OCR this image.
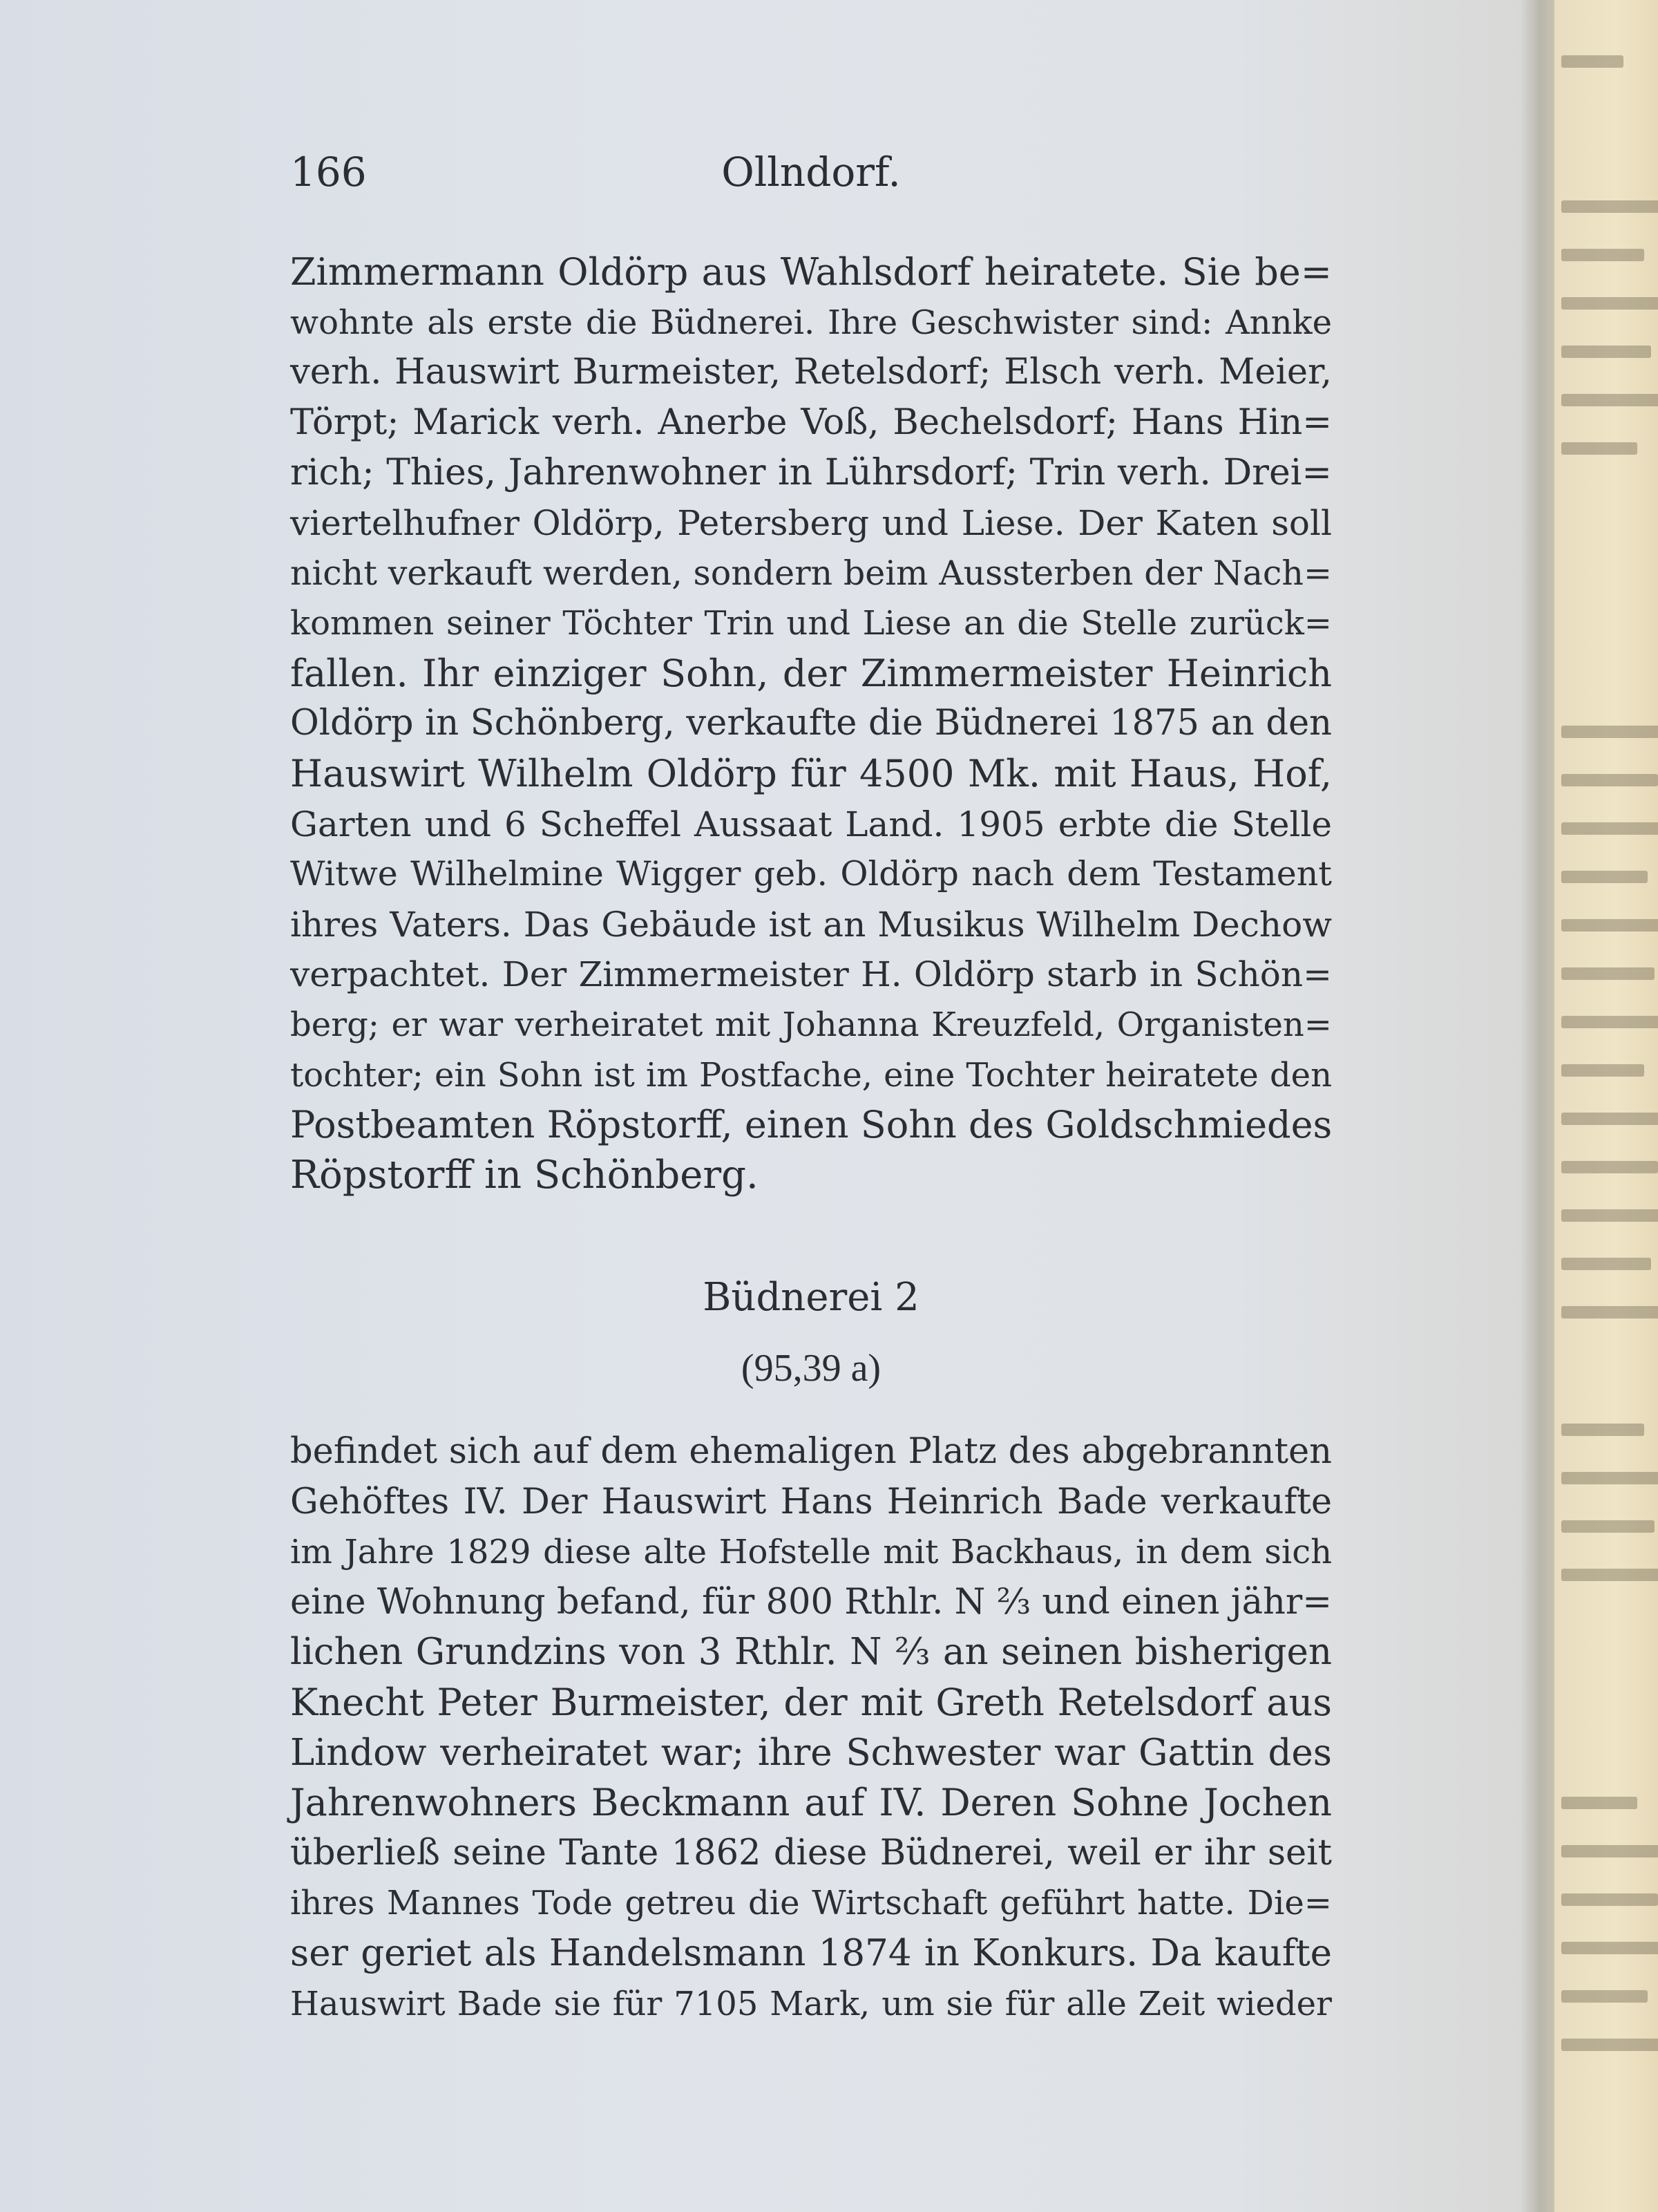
166	Ollndorf.
Zimmermann Oldörp aus Wahlsdorf heiratete. Sie be=
wohnte als erste die Büdnerei. Ihre Geschwister sind: Annke
verh. Hauswirt Burmeister, Retelsdorf; Elsch verh. Meier,
Törpt; Marick verh. Anerbe Voß, Bechelsdorf; Hans Hin=
rich; Thies, Jahrenwohner in Lührsdorf; Trin verh. Drei=
viertelhufner Oldörp, Petersberg und Liese. Der Katen soll
nicht verkauft werden, sondern beim Aussterben der Nach=
kommen seiner Töchter Trin und Liese an die Stelle zurück=
fallen. Ihr einziger Sohn, der Zimmermeister Heinrich
Oldörp in Schönberg, verkaufte die Büdnerei 1875 an den
Hauswirt Wilhelm Oldörp für 4500 Mk. mit Haus, Hof,
Garten und 6 Scheffel Aussaat Land. 1905 erbte die Stelle
Witwe Wilhelmine Wigger geb. Oldörp nach dem Testament
ihres Vaters. Das Gebäude ist an Musikus Wilhelm Dechow
verpachtet. Der Zimmermeister H. Oldörp starb in Schön=
berg; er war verheiratet mit Johanna Kreuzfeld, Organisten=
tochter; ein Sohn ist im Postfache, eine Tochter heiratete den
Postbeamten Röpstorff, einen Sohn des Goldschmiedes
Röpstorff in Schönberg.
Büdnerei 2
(95,39 a)
befindet sich auf dem ehemaligen Platz des abgebrannten
Gehöftes IV. Der Hauswirt Hans Heinrich Bade verkaufte
im Jahre 1829 diese alte Hofstelle mit Backhaus, in dem sich
eine Wohnung befand, für 800 Rthlr. N ⅔ und einen jähr=
lichen Grundzins von 3 Rthlr. N ⅔ an seinen bisherigen
Knecht Peter Burmeister, der mit Greth Retelsdorf aus
Lindow verheiratet war; ihre Schwester war Gattin des
Jahrenwohners Beckmann auf IV. Deren Sohne Jochen
überließ seine Tante 1862 diese Büdnerei, weil er ihr seit
ihres Mannes Tode getreu die Wirtschaft geführt hatte. Die=
ser geriet als Handelsmann 1874 in Konkurs. Da kaufte
Hauswirt Bade sie für 7105 Mark, um sie für alle Zeit wieder
